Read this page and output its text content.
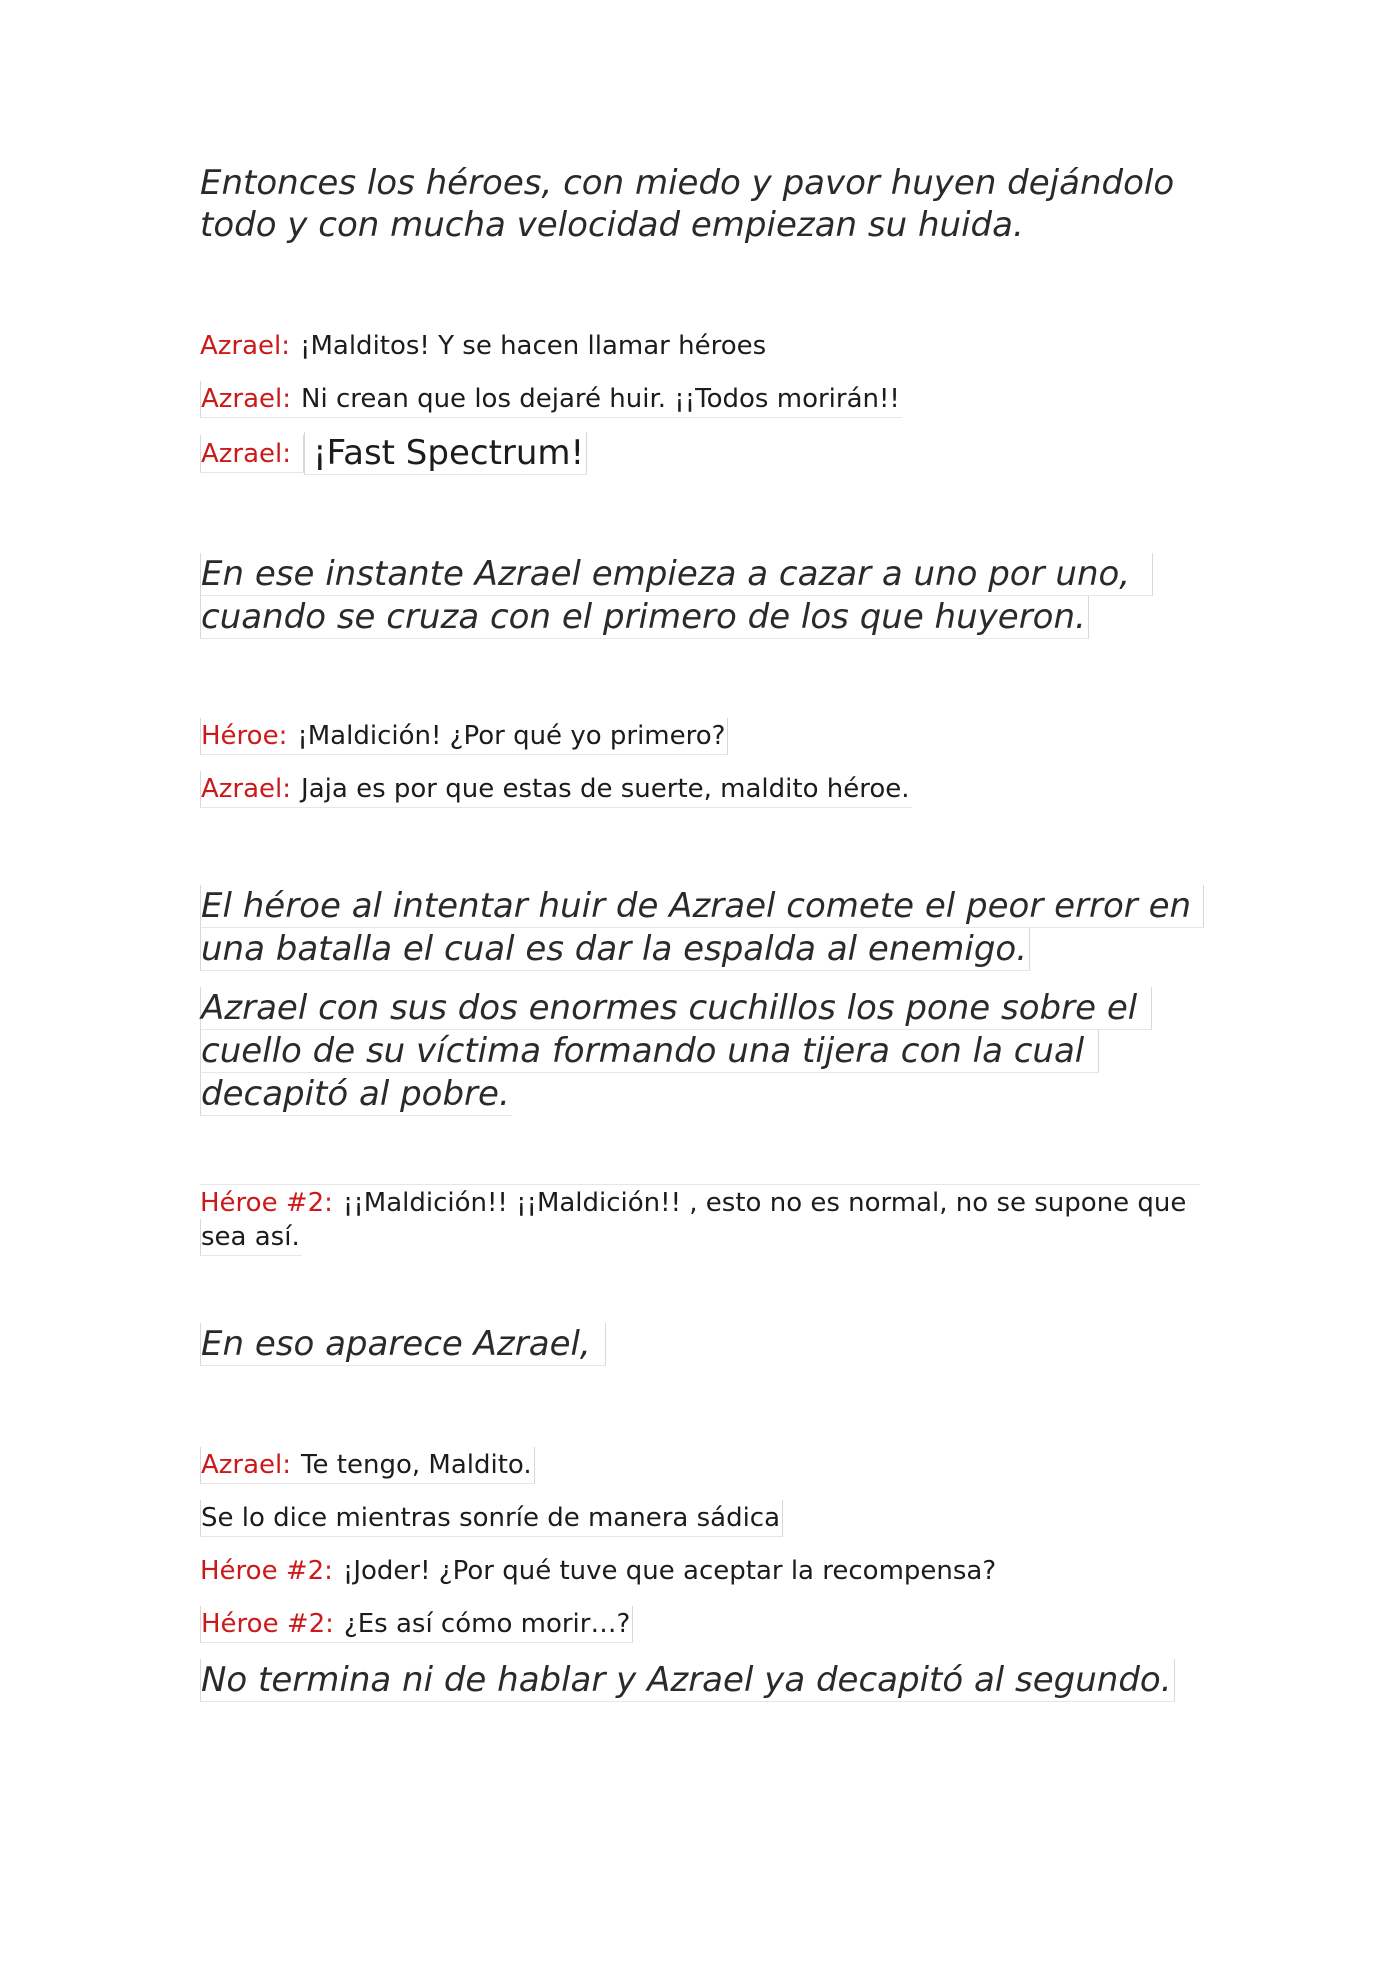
Entonces los héroes, con miedo y pavor huyen dejándolo
todo y con mucha velocidad empiezan su huida.
Azrael: ¡Malditos! Y se hacen llamar héroes
Azrael: Ni crean que los dejaré huir. ¡¡Todos morirán!!
Azrael: ¡Fast Spectrum!
En ese instante Azrael empieza a cazar a uno por uno,
cuando se cruza con el primero de los que huyeron.
Héroe: ¡Maldición! ¿Por qué yo primero?
Azrael: Jaja es por que estas de suerte, maldito héroe.
El héroe al intentar huir de Azrael comete el peor error en
una batalla el cual es dar la espalda al enemigo.
Azrael con sus dos enormes cuchillos los pone sobre el
cuello de su víctima formando una tijera con la cual
decapitó al pobre.
Héroe #2: ¡¡Maldición!! ¡¡Maldición!! , esto no es normal, no se supone que
sea así.
En eso aparece Azrael,
Azrael: Te tengo, Maldito.
Se lo dice mientras sonríe de manera sádica
Héroe #2: ¡Joder! ¿Por qué tuve que aceptar la recompensa?
Héroe #2: ¿Es así cómo morir…?
No termina ni de hablar y Azrael ya decapitó al segundo.
